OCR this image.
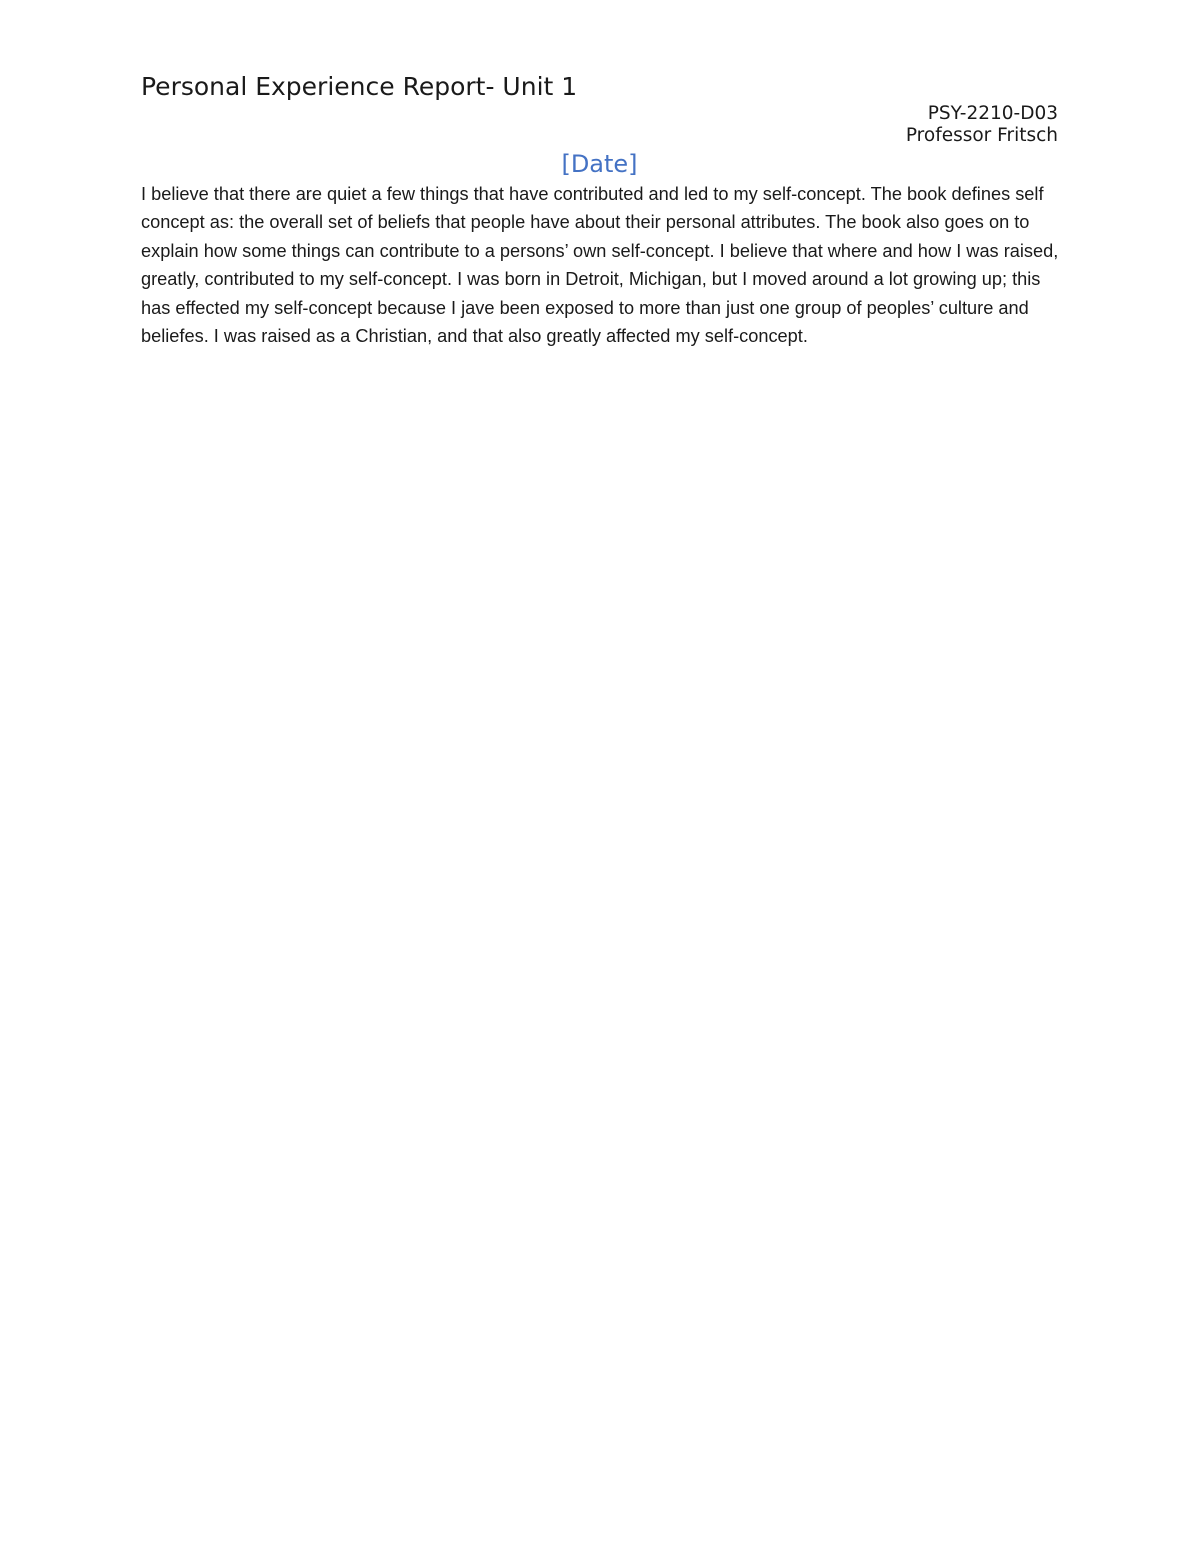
Personal Experience Report- Unit 1
PSY-2210-D03
Professor Fritsch
[Date]

I believe that there are quiet a few things that have contributed and led to my self-concept. The book defines self concept as: the overall set of beliefs that people have about their personal attributes. The book also goes on to explain how some things can contribute to a persons’ own self-concept. I believe that where and how I was raised, greatly, contributed to my self-concept. I was born in Detroit, Michigan, but I moved around a lot growing up; this has effected my self-concept because I jave been exposed to more than just one group of peoples’ culture and beliefes. I was raised as a Christian, and that also greatly affected my self-concept.
